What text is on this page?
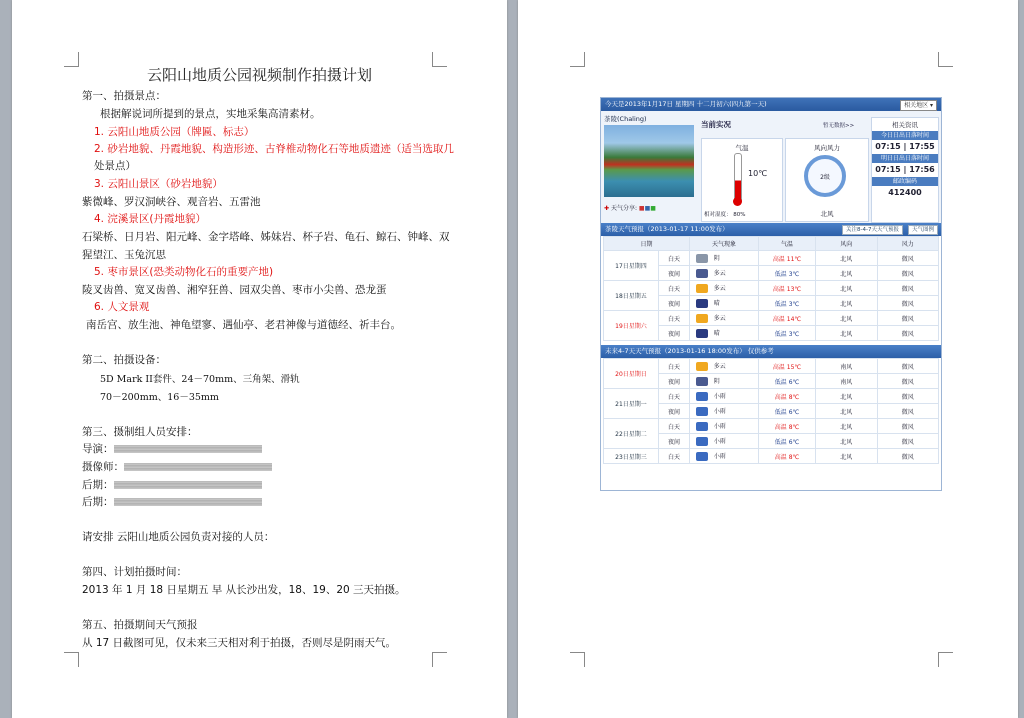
云阳山地质公园视频制作拍摄计划
第一、拍摄景点：
根据解说词所提到的景点，实地采集高清素材。
1. 云阳山地质公园（牌匾、标志）
2. 砂岩地貌、丹霞地貌、构造形迹、古脊椎动物化石等地质遗迹（适当选取几
处景点）
3. 云阳山景区（砂岩地貌）
紫微峰、罗汉洞峡谷、观音岩、五雷池
4. 浣溪景区(丹霞地貌）
石梁桥、日月岩、阳元峰、金字塔峰、姊妹岩、杯子岩、龟石、鲸石、钟峰、双
猩望江、玉兔沉思
5. 枣市景区(恐类动物化石的重要产地)
陵叉齿兽、宽叉齿兽、湘窄狂兽、园双尖兽、枣市小尖兽、恐龙蛋
6. 人文景观
南岳宫、放生池、神龟望寥、遇仙亭、老君神像与道德经、祈丰台。
第二、拍摄设备：
5D Mark II套件、24－70mm、三角架、滑轨
70－200mm、16－35mm
第三、摄制组人员安排：
导演：
摄像师：
后期：
后期：
请安排 云阳山地质公园负责对接的人员：
第四、计划拍摄时间：
2013 年 1 月 18 日星期五 早 从长沙出发，18、19、20 三天拍摄。
第五、拍摄期间天气预报
从 17 日截图可见，仅未来三天相对利于拍摄，否则尽是阴雨天气。
今天是2013年1月17日 星期四 十二月初六(四九第一天)	相关地区 ▾
茶陵(Chaling)
✚ 天气分享: ■■■
当前实况	暂无数据>>
气温
10℃
相对湿度： 80%
风向风力
2级
北风
相关资讯
今日日出日落时间
07:15 | 17:55
明日日出日落时间
07:15 | 17:56
邮政编码
412400
茶陵天气预报（2013-01-17 11:00发布）	关注8-4-7天天气预报	天气图例
日期		天气现象	气温	风向	风力
17日星期四	白天	阴	高温 11℃	北风	微风
	夜间	多云	低温 3℃	北风	微风
18日星期五	白天	多云	高温 13℃	北风	微风
	夜间	晴	低温 3℃	北风	微风
19日星期六	白天	多云	高温 14℃	北风	微风
	夜间	晴	低温 3℃	北风	微风
未来4-7天天气预报（2013-01-16 18:00发布） 仅供参考
20日星期日	白天	多云	高温 15℃	南风	微风
	夜间	阴	低温 6℃	南风	微风
21日星期一	白天	小雨	高温 8℃	北风	微风
	夜间	小雨	低温 6℃	北风	微风
22日星期二	白天	小雨	高温 8℃	北风	微风
	夜间	小雨	低温 6℃	北风	微风
23日星期三	白天	小雨	高温 8℃	北风	微风
